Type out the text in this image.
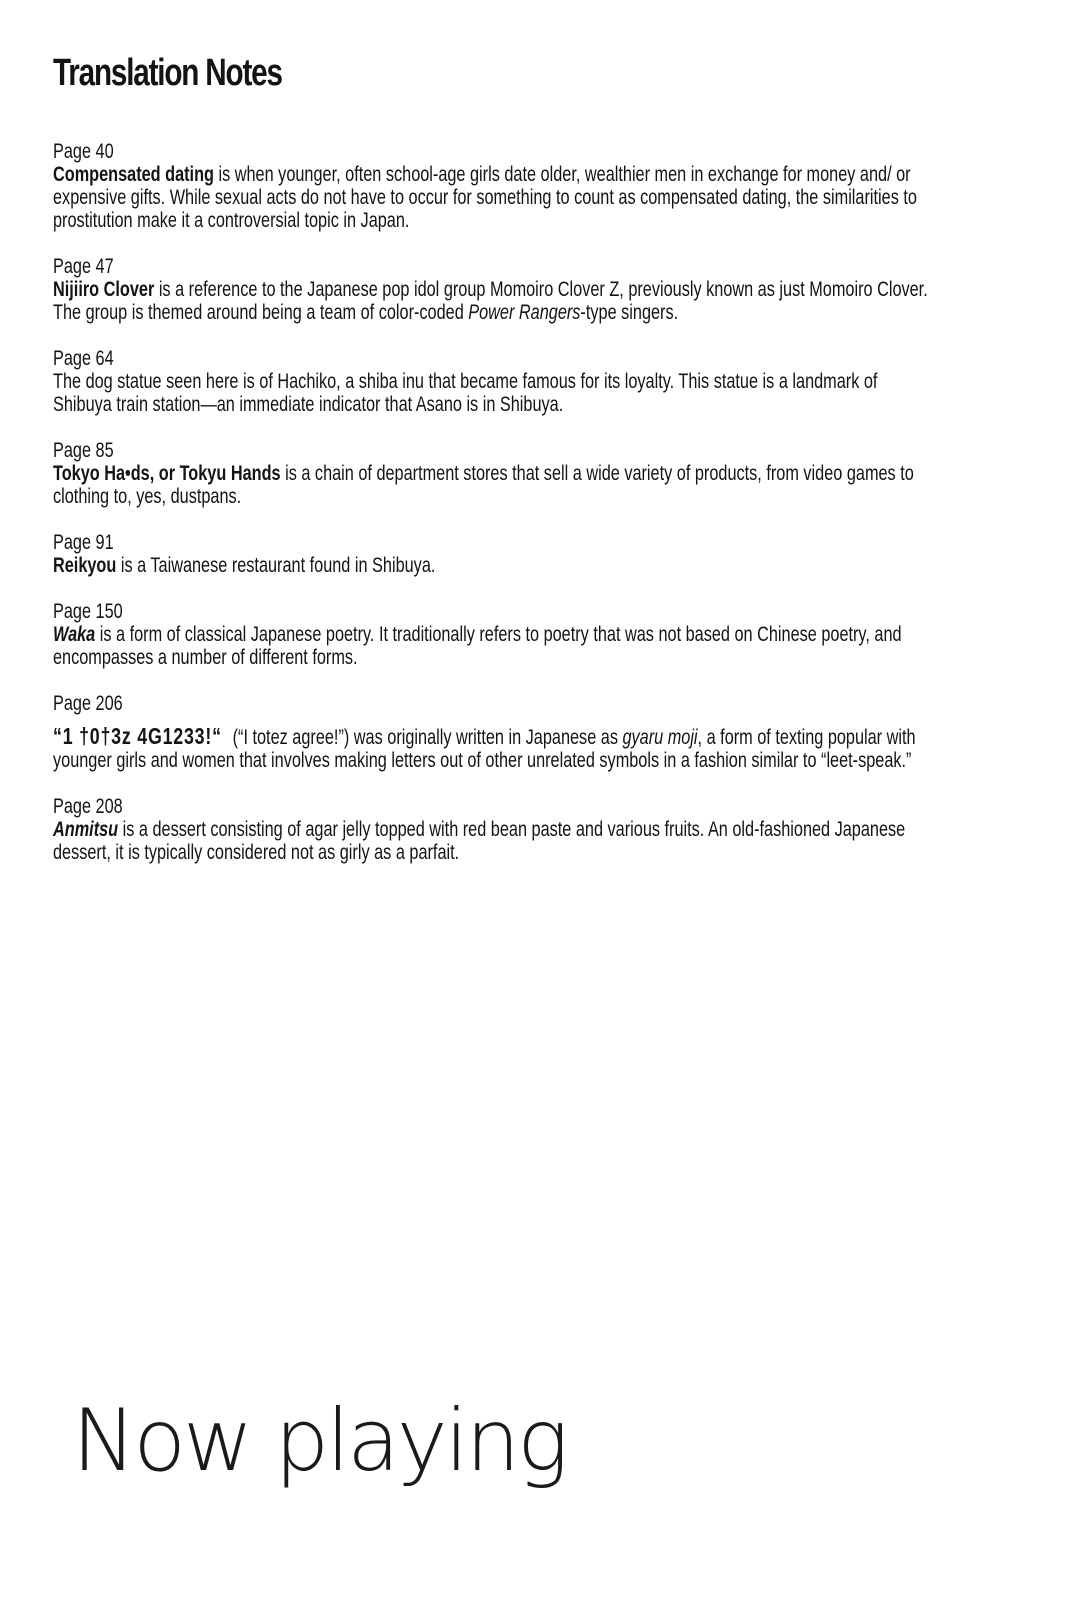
Translation Notes
Page 40
Compensated dating is when younger, often school-age girls date older, wealthier men in exchange for money and/ or expensive gifts. While sexual acts do not have to occur for something to count as compensated dating, the similarities to prostitution make it a controversial topic in Japan.
Page 47
Nijiiro Clover is a reference to the Japanese pop idol group Momoiro Clover Z, previously known as just Momoiro Clover. The group is themed around being a team of color-coded Power Rangers-type singers.
Page 64
The dog statue seen here is of Hachiko, a shiba inu that became famous for its loyalty. This statue is a landmark of Shibuya train station—an immediate indicator that Asano is in Shibuya.
Page 85
Tokyo Ha•ds, or Tokyu Hands is a chain of department stores that sell a wide variety of products, from video games to clothing to, yes, dustpans.
Page 91
Reikyou is a Taiwanese restaurant found in Shibuya.
Page 150
Waka is a form of classical Japanese poetry. It traditionally refers to poetry that was not based on Chinese poetry, and encompasses a number of different forms.
Page 206
“1 †0†3z 4G1233!“ (“I totez agree!”) was originally written in Japanese as gyaru moji, a form of texting popular with younger girls and women that involves making letters out of other unrelated symbols in a fashion similar to “leet-speak.”
Page 208
Anmitsu is a dessert consisting of agar jelly topped with red bean paste and various fruits. An old-fashioned Japanese dessert, it is typically considered not as girly as a parfait.
Now playing
